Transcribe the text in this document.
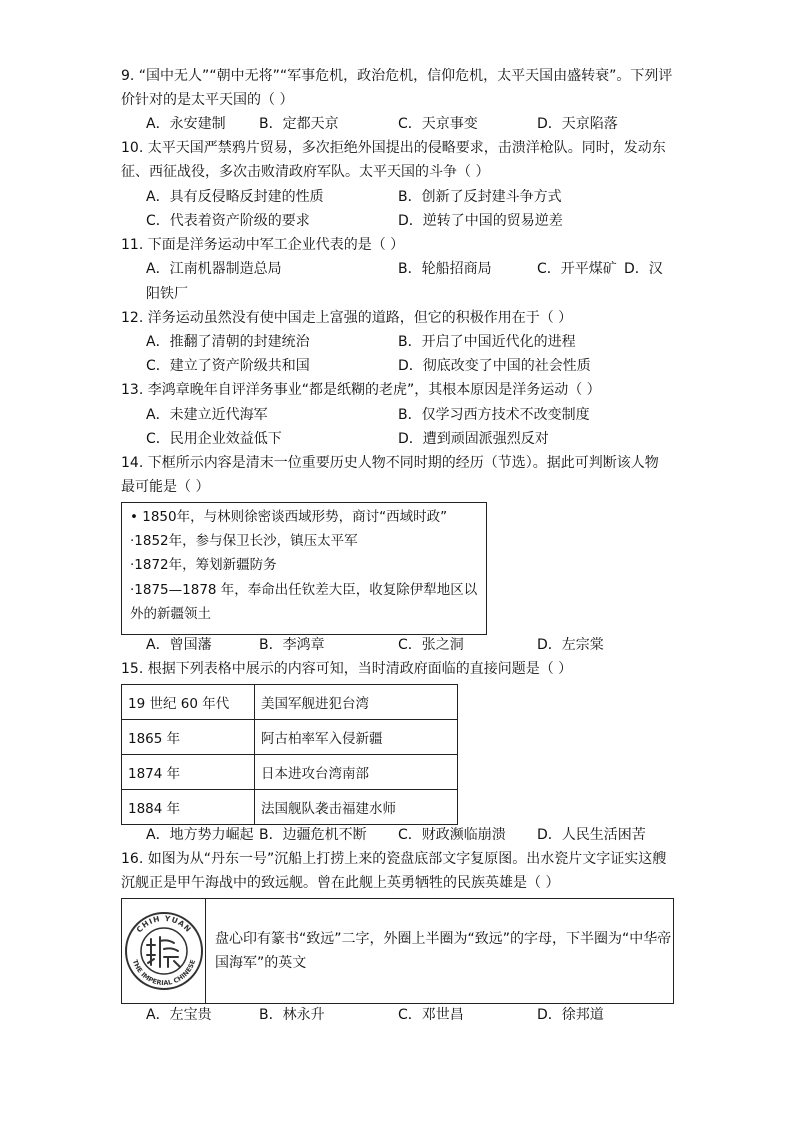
9. “国中无人”“朝中无将”“军事危机，政治危机，信仰危机，太平天国由盛转衰”。下列评
价针对的是太平天国的（ ）
A．永安建制 B．定都天京	C．天京事变	D．天京陷落
10. 太平天国严禁鸦片贸易，多次拒绝外国提出的侵略要求，击溃洋枪队。同时，发动东
征、西征战役，多次击败清政府军队。太平天国的斗争（ ）
A．具有反侵略反封建的性质	B．创新了反封建斗争方式
C．代表着资产阶级的要求	D．逆转了中国的贸易逆差
11. 下面是洋务运动中军工企业代表的是（ ）
A．江南机器制造总局	B．轮船招商局	C．开平煤矿 D．汉
阳铁厂
12. 洋务运动虽然没有使中国走上富强的道路，但它的积极作用在于（ ）
A．推翻了清朝的封建统治	B．开启了中国近代化的进程
C．建立了资产阶级共和国	D．彻底改变了中国的社会性质
13. 李鸿章晚年自评洋务事业“都是纸糊的老虎”，其根本原因是洋务运动（ ）
A．未建立近代海军	B．仅学习西方技术不改变制度
C．民用企业效益低下	D．遭到顽固派强烈反对
14. 下框所示内容是清末一位重要历史人物不同时期的经历（节选）。据此可判断该人物
最可能是（ ）
• 1850年，与林则徐密谈西域形势，商讨“西域时政”
·1852年，参与保卫长沙，镇压太平军
·1872年，筹划新疆防务
·1875—1878 年，奉命出任钦差大臣，收复除伊犁地区以
外的新疆领土
A．曾国藩	B．李鸿章	C．张之洞	D．左宗棠
15. 根据下列表格中展示的内容可知，当时清政府面临的直接问题是（ ）
19 世纪 60 年代	美国军舰进犯台湾
1865 年	阿古柏率军入侵新疆
1874 年	日本进攻台湾南部
1884 年	法国舰队袭击福建水师
A．地方势力崛起 B．边疆危机不断 C．财政濒临崩溃 D．人民生活困苦
16. 如图为从“丹东一号”沉船上打捞上来的瓷盘底部文字复原图。出水瓷片文字证实这艘
沉舰正是甲午海战中的致远舰。曾在此舰上英勇牺牲的民族英雄是（ ）
CHIH YUAN
THE IMPERIAL CHINESE
盘心印有篆书“致远”二字，外圈上半圈为“致远”的字母，下半圈为“中华帝
国海军”的英文
A．左宝贵	B．林永升	C．邓世昌	D．徐邦道
